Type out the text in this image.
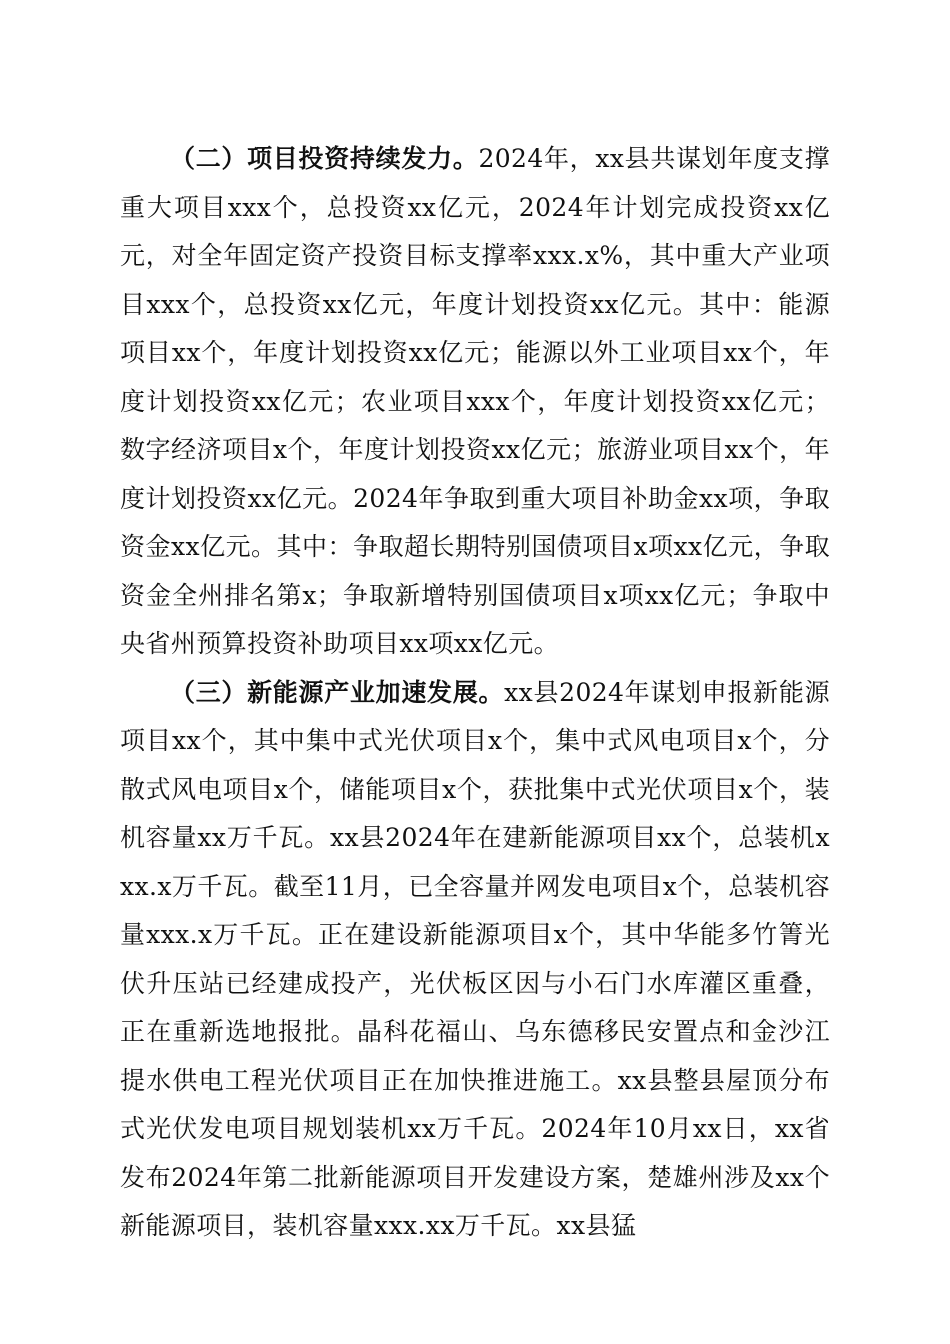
（二）项目投资持续发力。2024年，xx县共谋划年度支撑重大项目xxx个，总投资xx亿元，2024年计划完成投资xx亿元，对全年固定资产投资目标支撑率xxx.x%，其中重大产业项目xxx个，总投资xx亿元，年度计划投资xx亿元。其中：能源项目xx个，年度计划投资xx亿元；能源以外工业项目xx个，年度计划投资xx亿元；农业项目xxx个，年度计划投资xx亿元；数字经济项目x个，年度计划投资xx亿元；旅游业项目xx个，年度计划投资xx亿元。2024年争取到重大项目补助金xx项，争取资金xx亿元。其中：争取超长期特别国债项目x项xx亿元，争取资金全州排名第x；争取新增特别国债项目x项xx亿元；争取中央省州预算投资补助项目xx项xx亿元。

（三）新能源产业加速发展。xx县2024年谋划申报新能源项目xx个，其中集中式光伏项目x个，集中式风电项目x个，分散式风电项目x个，储能项目x个，获批集中式光伏项目x个，装机容量xx万千瓦。xx县2024年在建新能源项目xx个，总装机xxx.x万千瓦。截至11月，已全容量并网发电项目x个，总装机容量xxx.x万千瓦。正在建设新能源项目x个，其中华能多竹箐光伏升压站已经建成投产，光伏板区因与小石门水库灌区重叠，正在重新选地报批。晶科花福山、乌东德移民安置点和金沙江提水供电工程光伏项目正在加快推进施工。xx县整县屋顶分布式光伏发电项目规划装机xx万千瓦。2024年10月xx日，xx省发布2024年第二批新能源项目开发建设方案，楚雄州涉及xx个新能源项目，装机容量xxx.xx万千瓦。xx县猛
